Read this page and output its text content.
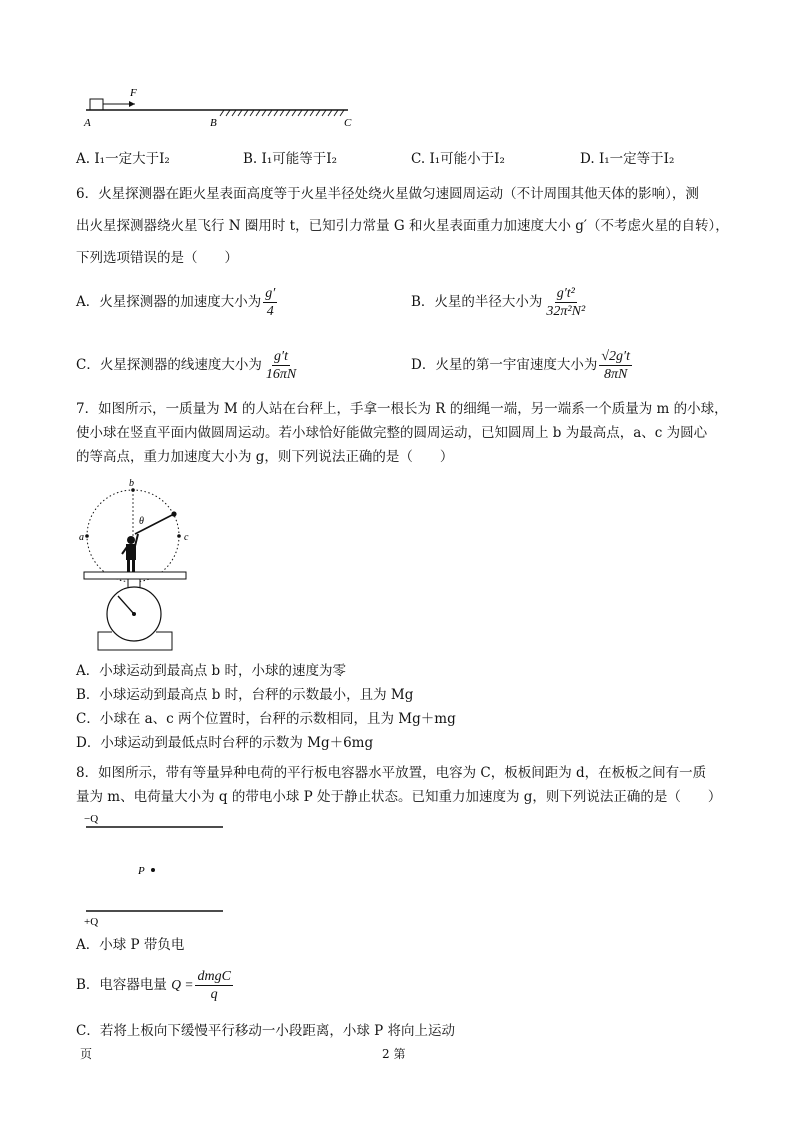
F
A	B	C
A. I₁一定大于I₂	B. I₁可能等于I₂	C. I₁可能小于I₂	D. I₁一定等于I₂
6．火星探测器在距火星表面高度等于火星半径处绕火星做匀速圆周运动（不计周围其他天体的影响），测
出火星探测器绕火星飞行 N 圈用时 t，已知引力常量 G 和火星表面重力加速度大小 g′（不考虑火星的自转），
下列选项错误的是（　　）
A．火星探测器的加速度大小为 $\frac{g'}{4}$	B．火星的半径大小为 $\frac{\text{g′t²}}{\text{32π²N²}}$
C．火星探测器的线速度大小为 $\frac{g't}{16\pi N}$	D．火星的第一宇宙速度大小为 $\frac{√2g't}{8\pi N}$
7．如图所示，一质量为 M 的人站在台秤上，手拿一根长为 R 的细绳一端，另一端系一个质量为 m 的小球，
使小球在竖直平面内做圆周运动。若小球恰好能做完整的圆周运动，已知圆周上 b 为最高点，a、c 为圆心
的等高点，重力加速度大小为 g，则下列说法正确的是（　　）
b
a	c
θ
A．小球运动到最高点 b 时，小球的速度为零
B．小球运动到最高点 b 时，台秤的示数最小，且为 Mg
C．小球在 a、c 两个位置时，台秤的示数相同，且为 Mg＋mg
D．小球运动到最低点时台秤的示数为 Mg＋6mg
8．如图所示，带有等量异种电荷的平行板电容器水平放置，电容为 C，板板间距为 d，在板板之间有一质
量为 m、电荷量大小为 q 的带电小球 P 处于静止状态。已知重力加速度为 g，则下列说法正确的是（　　）
−Q
P
+Q
A．小球 P 带负电
B．电容器电量 $Q = \frac{\text{dmgC}}{q}$
C．若将上板向下缓慢平行移动一小段距离，小球 P 将向上运动
页	2 第
